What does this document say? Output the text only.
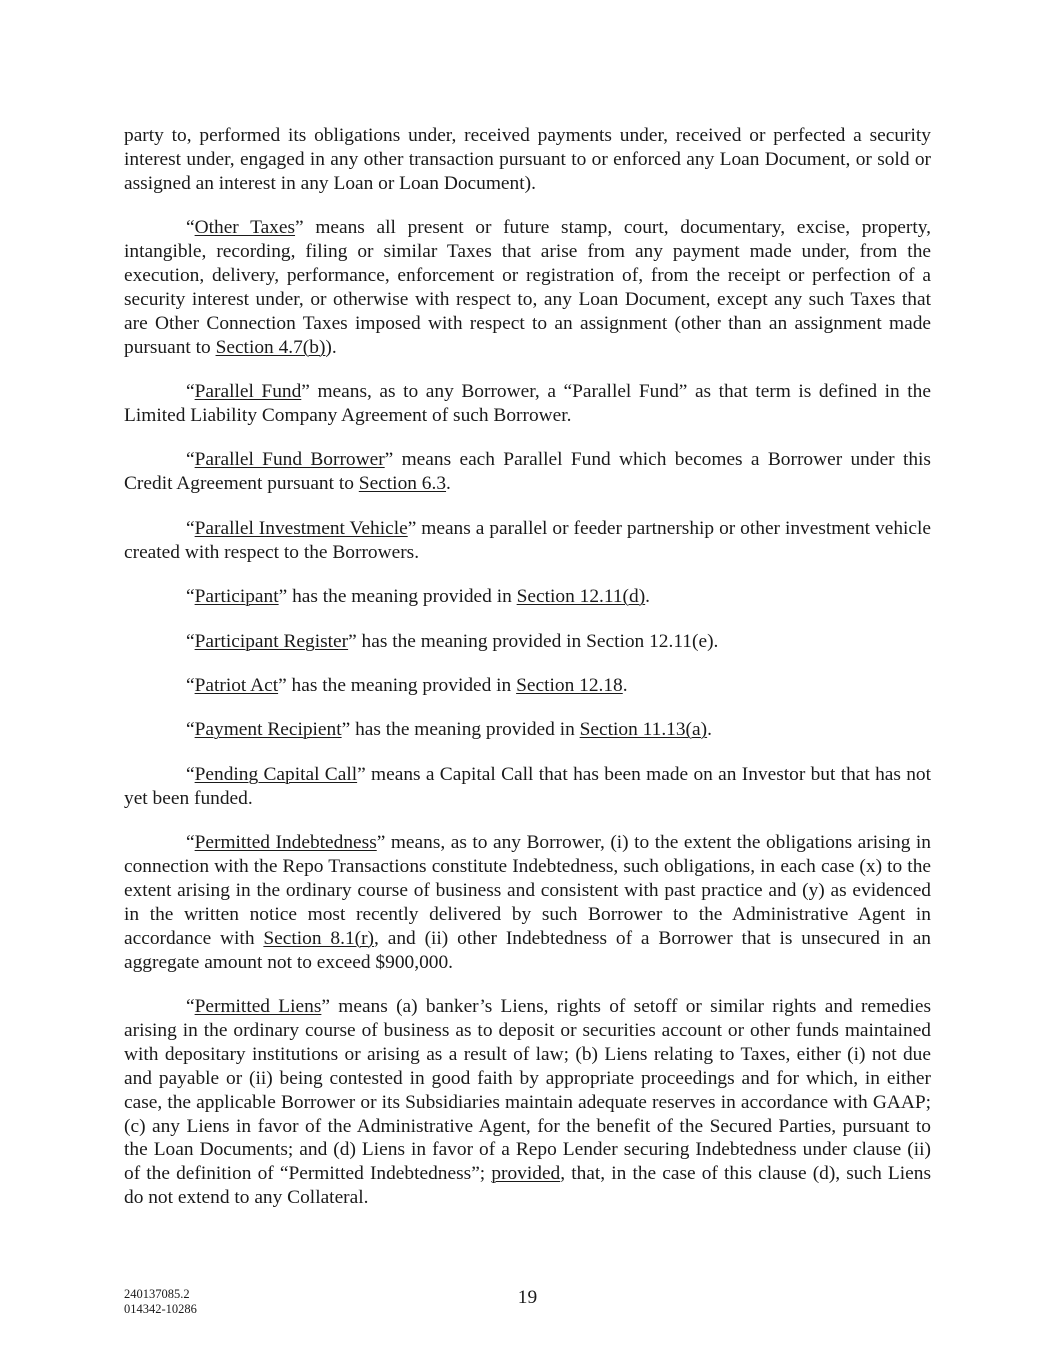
party to, performed its obligations under, received payments under, received or perfected a security interest under, engaged in any other transaction pursuant to or enforced any Loan Document, or sold or assigned an interest in any Loan or Loan Document).

“Other Taxes” means all present or future stamp, court, documentary, excise, property, intangible, recording, filing or similar Taxes that arise from any payment made under, from the execution, delivery, performance, enforcement or registration of, from the receipt or perfection of a security interest under, or otherwise with respect to, any Loan Document, except any such Taxes that are Other Connection Taxes imposed with respect to an assignment (other than an assignment made pursuant to Section 4.7(b)).

“Parallel Fund” means, as to any Borrower, a “Parallel Fund” as that term is defined in the Limited Liability Company Agreement of such Borrower.

“Parallel Fund Borrower” means each Parallel Fund which becomes a Borrower under this Credit Agreement pursuant to Section 6.3.

“Parallel Investment Vehicle” means a parallel or feeder partnership or other investment vehicle created with respect to the Borrowers.

“Participant” has the meaning provided in Section 12.11(d).

“Participant Register” has the meaning provided in Section 12.11(e).

“Patriot Act” has the meaning provided in Section 12.18.

“Payment Recipient” has the meaning provided in Section 11.13(a).

“Pending Capital Call” means a Capital Call that has been made on an Investor but that has not yet been funded.

“Permitted Indebtedness” means, as to any Borrower, (i) to the extent the obligations arising in connection with the Repo Transactions constitute Indebtedness, such obligations, in each case (x) to the extent arising in the ordinary course of business and consistent with past practice and (y) as evidenced in the written notice most recently delivered by such Borrower to the Administrative Agent in accordance with Section 8.1(r), and (ii) other Indebtedness of a Borrower that is unsecured in an aggregate amount not to exceed $900,000.

“Permitted Liens” means (a) banker’s Liens, rights of setoff or similar rights and remedies arising in the ordinary course of business as to deposit or securities account or other funds maintained with depositary institutions or arising as a result of law; (b) Liens relating to Taxes, either (i) not due and payable or (ii) being contested in good faith by appropriate proceedings and for which, in either case, the applicable Borrower or its Subsidiaries maintain adequate reserves in accordance with GAAP; (c) any Liens in favor of the Administrative Agent, for the benefit of the Secured Parties, pursuant to the Loan Documents; and (d) Liens in favor of a Repo Lender securing Indebtedness under clause (ii) of the definition of “Permitted Indebtedness”; provided, that, in the case of this clause (d), such Liens do not extend to any Collateral.

240137085.2
014342-10286
19
